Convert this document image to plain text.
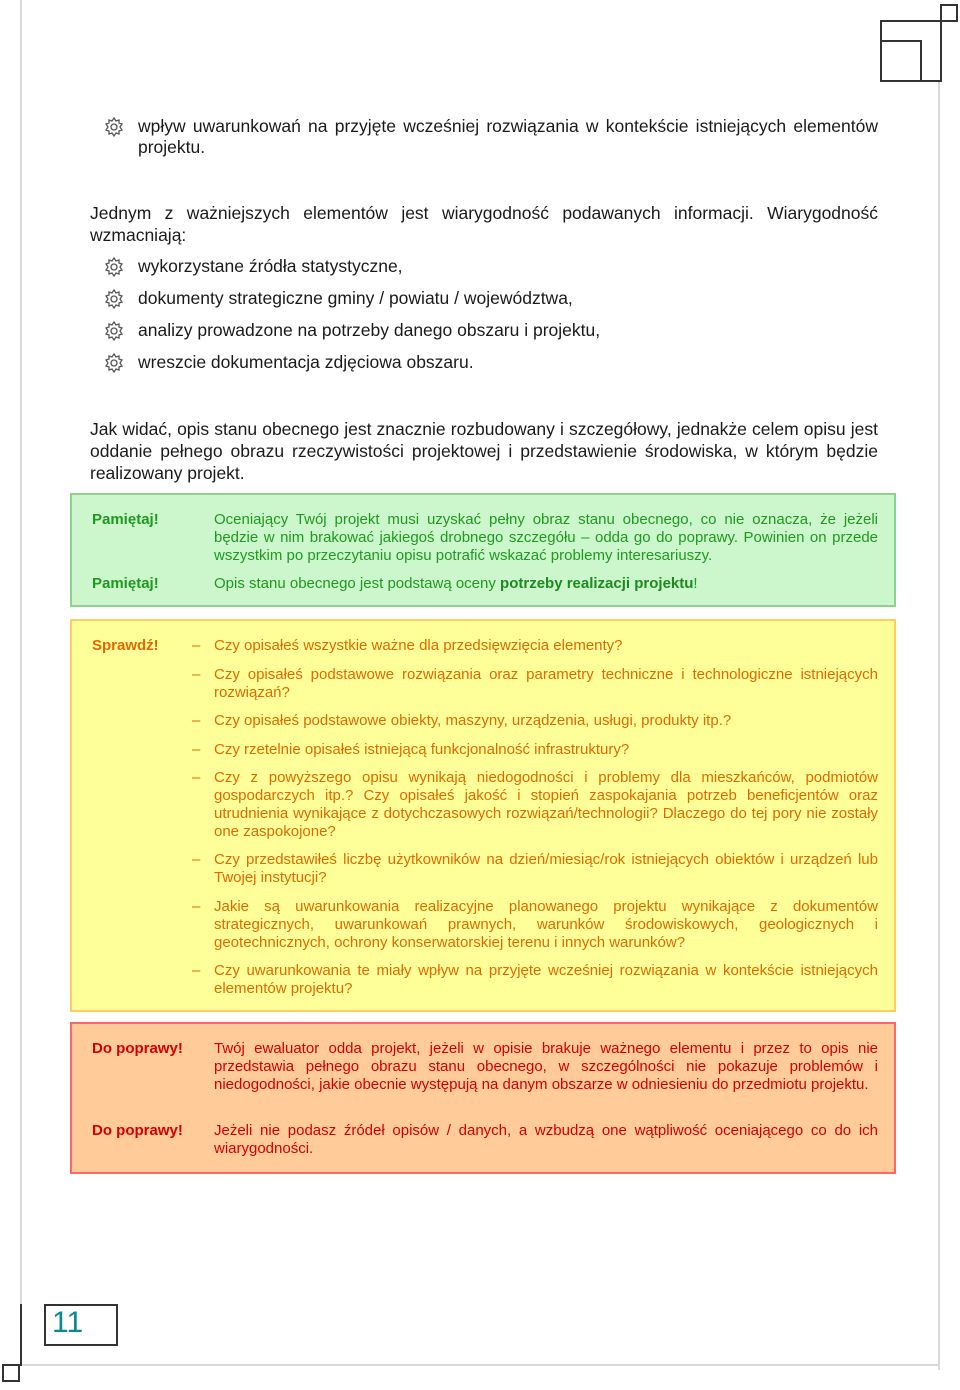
wpływ uwarunkowań na przyjęte wcześniej rozwiązania w kontekście istniejących elementów projektu.
Jednym z ważniejszych elementów jest wiarygodność podawanych informacji. Wiarygodność wzmacniają:
wykorzystane źródła statystyczne,
dokumenty strategiczne gminy / powiatu / województwa,
analizy prowadzone na potrzeby danego obszaru i projektu,
wreszcie dokumentacja zdjęciowa obszaru.
Jak widać, opis stanu obecnego jest znacznie rozbudowany i szczegółowy, jednakże celem opisu jest oddanie pełnego obrazu rzeczywistości projektowej i przedstawienie środowiska, w którym będzie realizowany projekt.
Pamiętaj!	Oceniający Twój projekt musi uzyskać pełny obraz stanu obecnego, co nie oznacza, że jeżeli będzie w nim brakować jakiegoś drobnego szczegółu – odda go do poprawy. Powinien on przede wszystkim po przeczytaniu opisu potrafić wskazać problemy interesariuszy.
Pamiętaj!	Opis stanu obecnego jest podstawą oceny potrzeby realizacji projektu!
Sprawdź! – Czy opisałeś wszystkie ważne dla przedsięwzięcia elementy?
– Czy opisałeś podstawowe rozwiązania oraz parametry techniczne i technologiczne istniejących rozwiązań?
– Czy opisałeś podstawowe obiekty, maszyny, urządzenia, usługi, produkty itp.?
– Czy rzetelnie opisałeś istniejącą funkcjonalność infrastruktury?
– Czy z powyższego opisu wynikają niedogodności i problemy dla mieszkańców, podmiotów gospodarczych itp.? Czy opisałeś jakość i stopień zaspokajania potrzeb beneficjentów oraz utrudnienia wynikające z dotychczasowych rozwiązań/technologii? Dlaczego do tej pory nie zostały one zaspokojone?
– Czy przedstawiłeś liczbę użytkowników na dzień/miesiąc/rok istniejących obiektów i urządzeń lub Twojej instytucji?
– Jakie są uwarunkowania realizacyjne planowanego projektu wynikające z dokumentów strategicznych, uwarunkowań prawnych, warunków środowiskowych, geologicznych i geotechnicznych, ochrony konserwatorskiej terenu i innych warunków?
– Czy uwarunkowania te miały wpływ na przyjęte wcześniej rozwiązania w kontekście istniejących elementów projektu?
Do poprawy! Twój ewaluator odda projekt, jeżeli w opisie brakuje ważnego elementu i przez to opis nie przedstawia pełnego obrazu stanu obecnego, w szczególności nie pokazuje problemów i niedogodności, jakie obecnie występują na danym obszarze w odniesieniu do przedmiotu projektu.
Do poprawy! Jeżeli nie podasz źródeł opisów / danych, a wzbudzą one wątpliwość oceniającego co do ich wiarygodności.
11
